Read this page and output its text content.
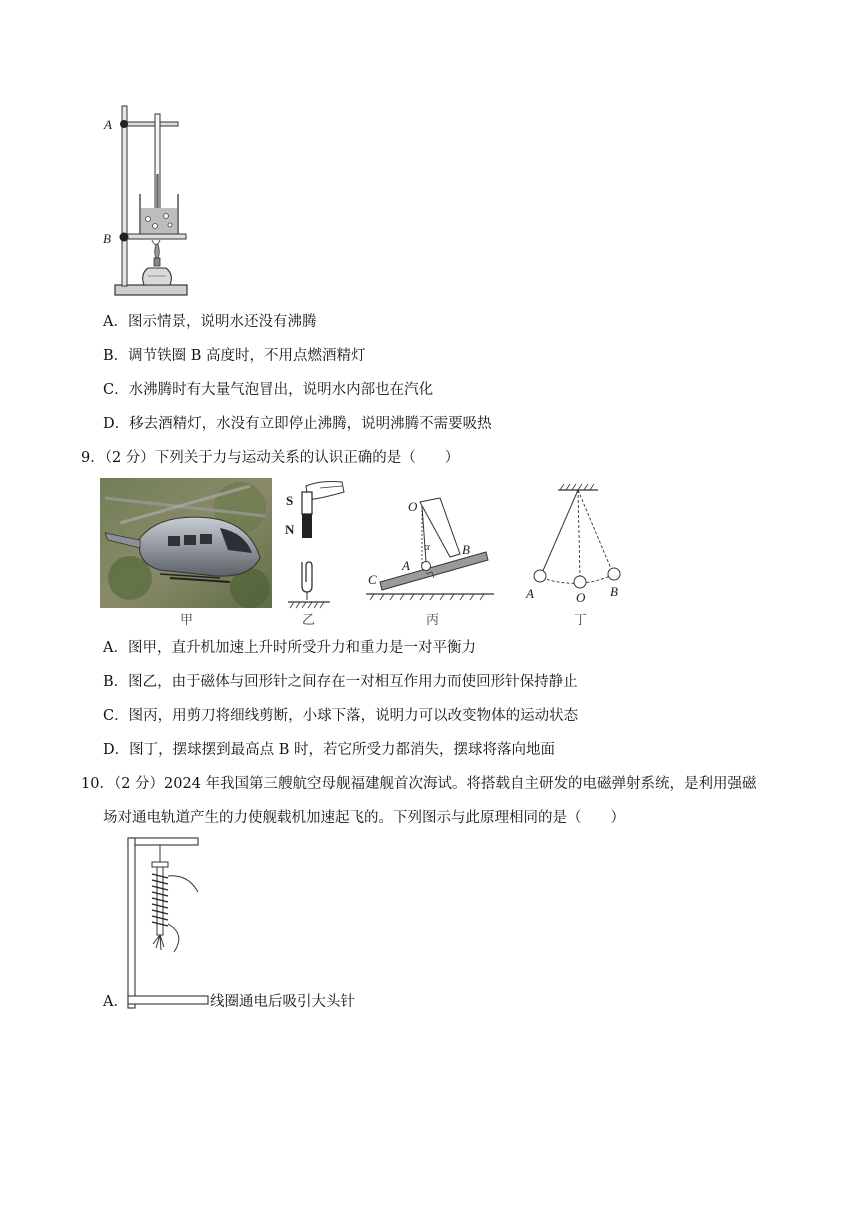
A
B
A．图示情景，说明水还没有沸腾
B．调节铁圈 B 高度时，不用点燃酒精灯
C．水沸腾时有大量气泡冒出，说明水内部也在汽化
D．移去酒精灯，水没有立即停止沸腾，说明沸腾不需要吸热
9．（2 分）下列关于力与运动关系的认识正确的是（　　）
甲
S
N
乙
O
α
A
B
C
丙
A	O B
丁
A．图甲，直升机加速上升时所受升力和重力是一对平衡力
B．图乙，由于磁体与回形针之间存在一对相互作用力而使回形针保持静止
C．图丙，用剪刀将细线剪断，小球下落，说明力可以改变物体的运动状态
D．图丁，摆球摆到最高点 B 时，若它所受力都消失，摆球将落向地面
10．（2 分）2024 年我国第三艘航空母舰福建舰首次海试。将搭载自主研发的电磁弹射系统，是利用强磁
场对通电轨道产生的力使舰载机加速起飞的。下列图示与此原理相同的是（　　）
A．	线圈通电后吸引大头针
